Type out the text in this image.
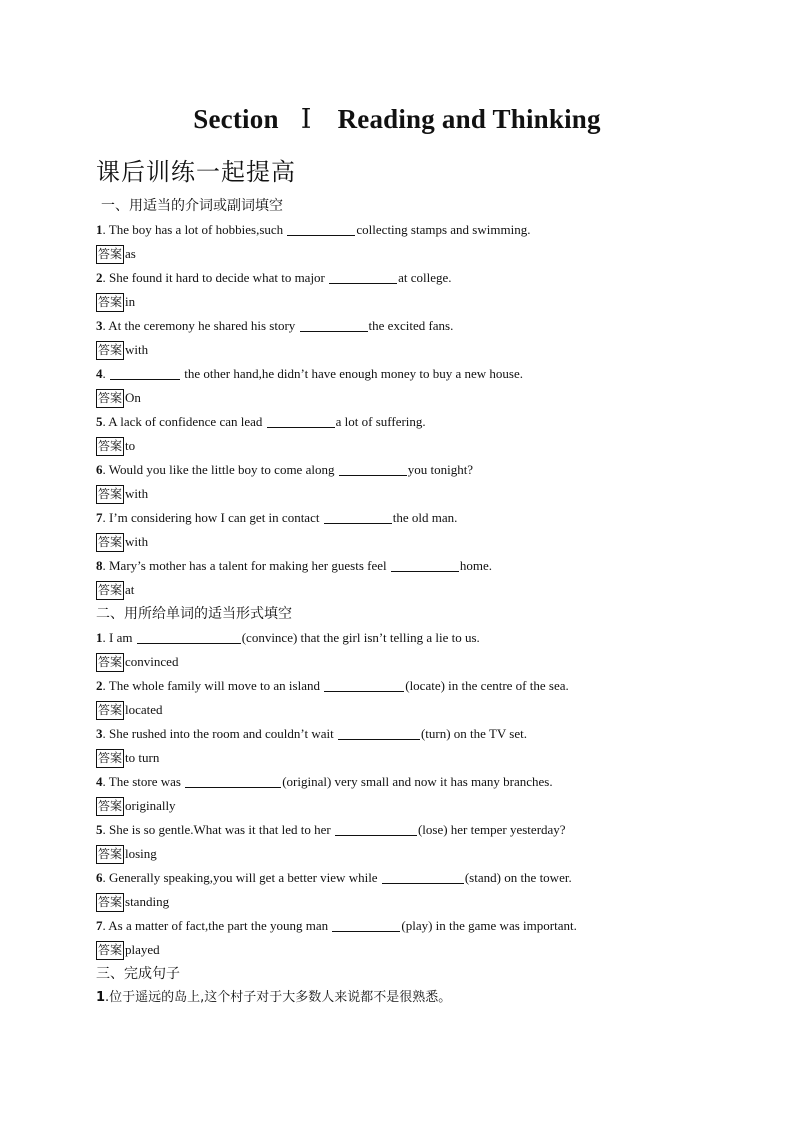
Section Ⅰ Reading and Thinking
课后训练一起提高
一、用适当的介词或副词填空
1. The boy has a lot of hobbies,such	collecting stamps and swimming.
答案 as
2. She found it hard to decide what to major	at college.
答案 in
3. At the ceremony he shared his story	the excited fans.
答案 with
4.	the other hand,he didn’t have enough money to buy a new house.
答案 On
5. A lack of confidence can lead	a lot of suffering.
答案 to
6. Would you like the little boy to come along	you tonight?
答案 with
7. I’m considering how I can get in contact	the old man.
答案 with
8. Mary’s mother has a talent for making her guests feel	home.
答案 at
二、用所给单词的适当形式填空
1. I am	(convince) that the girl isn’t telling a lie to us.
答案 convinced
2. The whole family will move to an island	(locate) in the centre of the sea.
答案 located
3. She rushed into the room and couldn’t wait	(turn) on the TV set.
答案 to turn
4. The store was	(original) very small and now it has many branches.
答案 originally
5. She is so gentle.What was it that led to her	(lose) her temper yesterday?
答案 losing
6. Generally speaking,you will get a better view while	(stand) on the tower.
答案 standing
7. As a matter of fact,the part the young man	(play) in the game was important.
答案 played
三、完成句子
1.位于遥远的岛上,这个村子对于大多数人来说都不是很熟悉。
